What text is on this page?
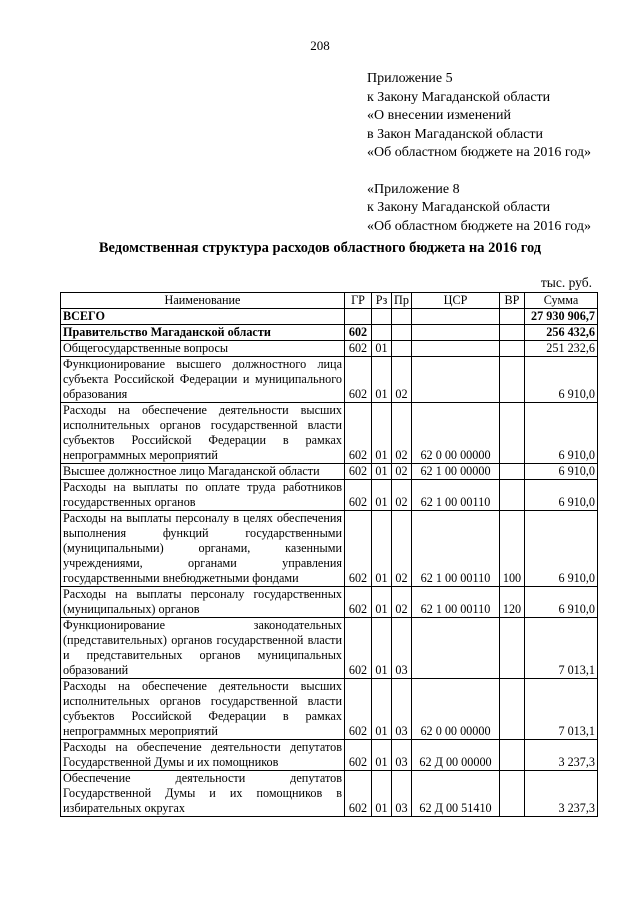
208
Приложение 5
к Закону Магаданской области
«О внесении изменений
в Закон Магаданской области
«Об областном бюджете на 2016 год»
«Приложение 8
к Закону Магаданской области
«Об областном бюджете на 2016 год»
Ведомственная структура расходов областного бюджета на 2016 год
тыс. руб.
Наименование	ГР	Рз	Пр	ЦСР	ВР	Сумма
ВСЕГО						27 930 906,7
Правительство Магаданской области	602					256 432,6
Общегосударственные вопросы	602	01				251 232,6
Функционирование высшего должностного лица субъекта Российской Федерации и муниципального образования	602	01	02			6 910,0
Расходы на обеспечение деятельности высших исполнительных органов государственной власти субъектов Российской Федерации в рамках непрограммных мероприятий	602	01	02	62 0 00 00000		6 910,0
Высшее должностное лицо Магаданской области	602	01	02	62 1 00 00000		6 910,0
Расходы на выплаты по оплате труда работников государственных органов	602	01	02	62 1 00 00110		6 910,0
Расходы на выплаты персоналу в целях обеспечения выполнения функций государственными (муниципальными) органами, казенными учреждениями, органами управления государственными внебюджетными фондами	602	01	02	62 1 00 00110	100	6 910,0
Расходы на выплаты персоналу государственных (муниципальных) органов	602	01	02	62 1 00 00110	120	6 910,0
Функционирование законодательных (представительных) органов государственной власти и представительных органов муниципальных образований	602	01	03			7 013,1
Расходы на обеспечение деятельности высших исполнительных органов государственной власти субъектов Российской Федерации в рамках непрограммных мероприятий	602	01	03	62 0 00 00000		7 013,1
Расходы на обеспечение деятельности депутатов Государственной Думы и их помощников	602	01	03	62 Д 00 00000		3 237,3
Обеспечение деятельности депутатов Государственной Думы и их помощников в избирательных округах	602	01	03	62 Д 00 51410		3 237,3
